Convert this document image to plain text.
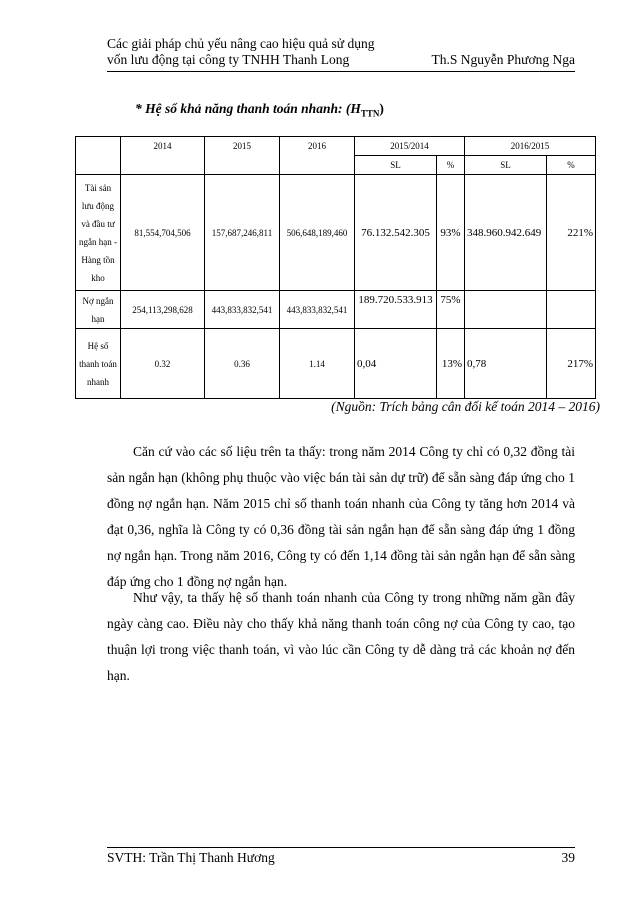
Các giải pháp chủ yếu nâng cao hiệu quả sử dụng
vốn lưu động tại công ty TNHH Thanh Long	Th.S Nguyễn Phương Nga
* Hệ số khả năng thanh toán nhanh: $(H_{TTN})$
	2014	2015	2016	2015/2014		2016/2015	
				SL	%	SL	%
Tài sản lưu động và đầu tư ngắn hạn - Hàng tồn kho	81,554,704,506	157,687,246,811	506,648,189,460	76.132.542.305	93%	348.960.942.649	221%
Nợ ngắn hạn	254,113,298,628	443,833,832,541	443,833,832,541	189.720.533.913	75%		
Hệ số thanh toán nhanh	0.32	0.36	1.14	0,04	13%	0,78	217%
(Nguồn: Trích bảng cân đối kế toán 2014 – 2016)

Căn cứ vào các số liệu trên ta thấy: trong năm 2014 Công ty chỉ có 0,32 đồng tài sản ngắn hạn (không phụ thuộc vào việc bán tài sản dự trữ) để sẵn sàng đáp ứng cho 1 đồng nợ ngắn hạn. Năm 2015 chỉ số thanh toán nhanh của Công ty tăng hơn 2014 và đạt 0,36, nghĩa là Công ty có 0,36 đồng tài sản ngắn hạn để sẵn sàng đáp ứng 1 đồng nợ ngắn hạn. Trong năm 2016, Công ty có đến 1,14 đồng tài sản ngắn hạn để sẵn sàng đáp ứng cho 1 đồng nợ ngắn hạn.

Như vậy, ta thấy hệ số thanh toán nhanh của Công ty trong những năm gần đây ngày càng cao. Điều này cho thấy khả năng thanh toán công nợ của Công ty cao, tạo thuận lợi trong việc thanh toán, vì vào lúc cần Công ty dễ dàng trả các khoản nợ đến hạn.

SVTH: Trần Thị Thanh Hương	39
